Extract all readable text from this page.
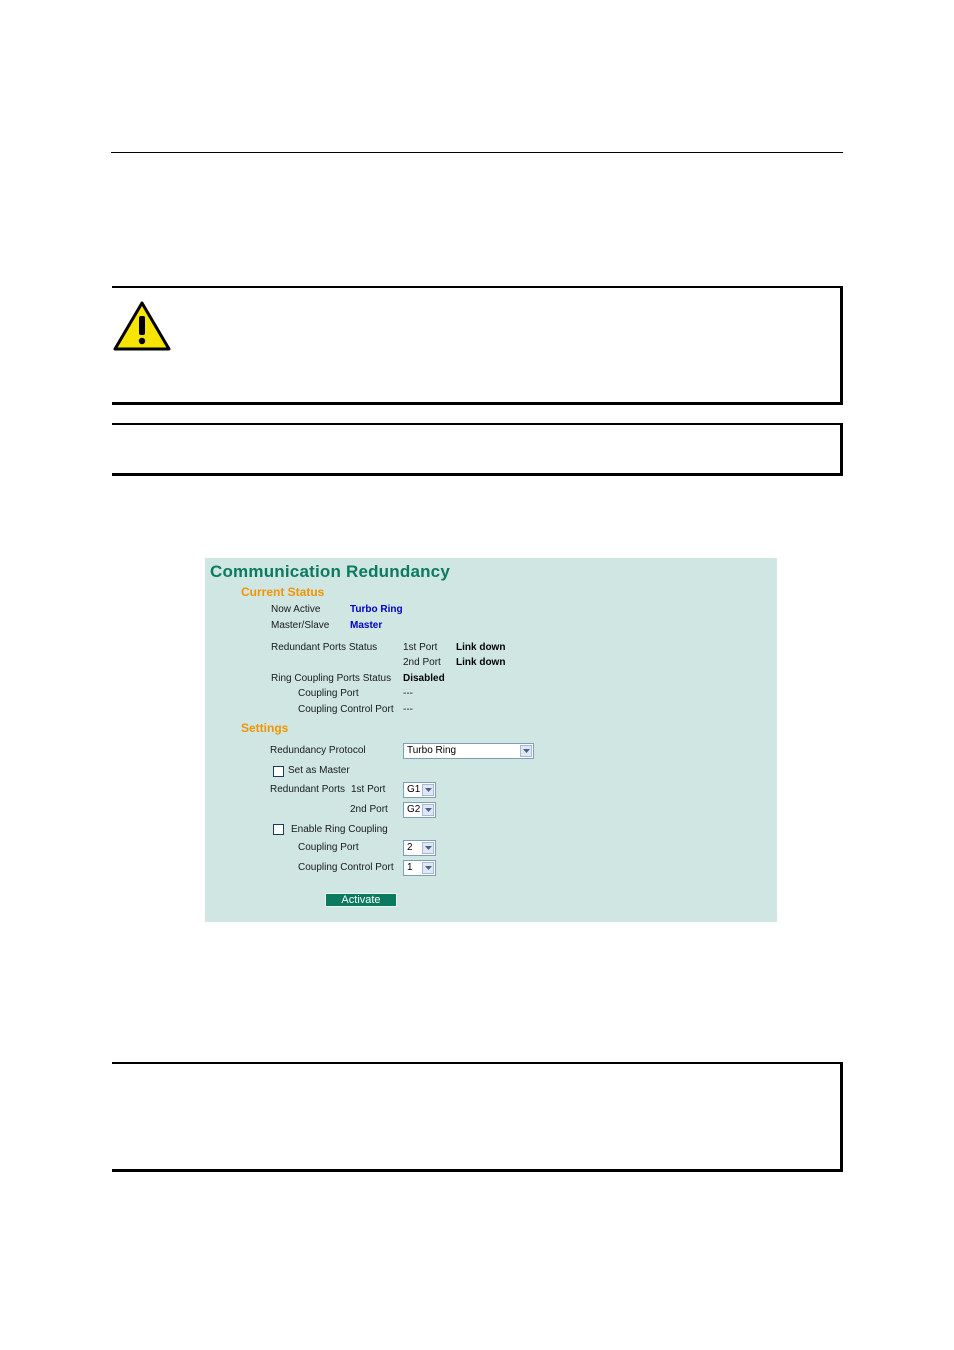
Communication Redundancy
Current Status
Now Active	Turbo Ring
Master/Slave Master
Redundant Ports Status	1st Port Link down
2nd Port Link down
Ring Coupling Ports Status Disabled
Coupling Port	---
Coupling Control Port ---
Settings
Redundancy Protocol	Turbo Ring
Set as Master
Redundant Ports 1st Port	G1
2nd Port	G2
Enable Ring Coupling
Coupling Port	2
Coupling Control Port	1
Activate
